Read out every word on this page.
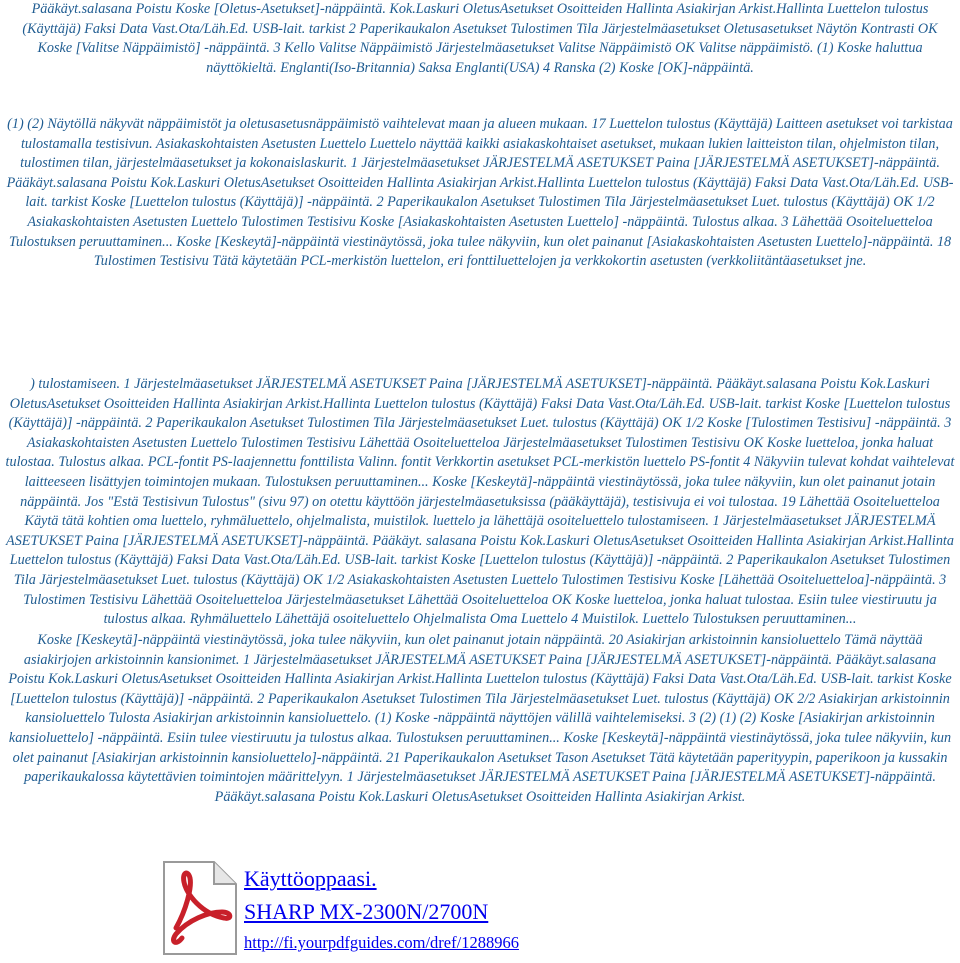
Pääkäyt.salasana Poistu Koske [Oletus-Asetukset]-näppäintä. Kok.Laskuri OletusAsetukset Osoitteiden Hallinta Asiakirjan Arkist.Hallinta Luettelon tulostus (Käyttäjä) Faksi Data Vast.Ota/Läh.Ed. USB-lait. tarkist 2 Paperikaukalon Asetukset Tulostimen Tila Järjestelmäasetukset Oletusasetukset Näytön Kontrasti OK Koske [Valitse Näppäimistö] -näppäintä. 3 Kello Valitse Näppäimistö Järjestelmäasetukset Valitse Näppäimistö OK Valitse näppäimistö. (1) Koske haluttua näyttökieltä. Englanti(Iso-Britannia) Saksa Englanti(USA) 4 Ranska (2) Koske [OK]-näppäintä.

(1) (2) Näytöllä näkyvät näppäimistöt ja oletusasetusnäppäimistö vaihtelevat maan ja alueen mukaan. 17 Luettelon tulostus (Käyttäjä) Laitteen asetukset voi tarkistaa tulostamalla testisivun. Asiakaskohtaisten Asetusten Luettelo Luettelo näyttää kaikki asiakaskohtaiset asetukset, mukaan lukien laitteiston tilan, ohjelmiston tilan, tulostimen tilan, järjestelmäasetukset ja kokonaislaskurit. 1 Järjestelmäasetukset JÄRJESTELMÄ ASETUKSET Paina [JÄRJESTELMÄ ASETUKSET]-näppäintä. Pääkäyt.salasana Poistu Kok.Laskuri OletusAsetukset Osoitteiden Hallinta Asiakirjan Arkist.Hallinta Luettelon tulostus (Käyttäjä) Faksi Data Vast.Ota/Läh.Ed. USB-lait. tarkist Koske [Luettelon tulostus (Käyttäjä)] -näppäintä. 2 Paperikaukalon Asetukset Tulostimen Tila Järjestelmäasetukset Luet. tulostus (Käyttäjä) OK 1/2 Asiakaskohtaisten Asetusten Luettelo Tulostimen Testisivu Koske [Asiakaskohtaisten Asetusten Luettelo] -näppäintä. Tulostus alkaa. 3 Lähettää Osoiteluetteloa Tulostuksen peruuttaminen... Koske [Keskeytä]-näppäintä viestinäytössä, joka tulee näkyviin, kun olet painanut [Asiakaskohtaisten Asetusten Luettelo]-näppäintä. 18 Tulostimen Testisivu Tätä käytetään PCL-merkistön luettelon, eri fonttiluettelojen ja verkkokortin asetusten (verkkoliitäntäasetukset jne.

) tulostamiseen. 1 Järjestelmäasetukset JÄRJESTELMÄ ASETUKSET Paina [JÄRJESTELMÄ ASETUKSET]-näppäintä. Pääkäyt.salasana Poistu Kok.Laskuri OletusAsetukset Osoitteiden Hallinta Asiakirjan Arkist.Hallinta Luettelon tulostus (Käyttäjä) Faksi Data Vast.Ota/Läh.Ed. USB-lait. tarkist Koske [Luettelon tulostus (Käyttäjä)] -näppäintä. 2 Paperikaukalon Asetukset Tulostimen Tila Järjestelmäasetukset Luet. tulostus (Käyttäjä) OK 1/2 Koske [Tulostimen Testisivu] -näppäintä. 3 Asiakaskohtaisten Asetusten Luettelo Tulostimen Testisivu Lähettää Osoiteluetteloa Järjestelmäasetukset Tulostimen Testisivu OK Koske luetteloa, jonka haluat tulostaa. Tulostus alkaa. PCL-fontit PS-laajennettu fonttilista Valinn. fontit Verkkortin asetukset PCL-merkistön luettelo PS-fontit 4 Näkyviin tulevat kohdat vaihtelevat laitteeseen lisättyjen toimintojen mukaan. Tulostuksen peruuttaminen... Koske [Keskeytä]-näppäintä viestinäytössä, joka tulee näkyviin, kun olet painanut jotain näppäintä. Jos "Estä Testisivun Tulostus" (sivu 97) on otettu käyttöön järjestelmäasetuksissa (pääkäyttäjä), testisivuja ei voi tulostaa. 19 Lähettää Osoiteluetteloa Käytä tätä kohtien oma luettelo, ryhmäluettelo, ohjelmalista, muistilok. luettelo ja lähettäjä osoiteluettelo tulostamiseen. 1 Järjestelmäasetukset JÄRJESTELMÄ ASETUKSET Paina [JÄRJESTELMÄ ASETUKSET]-näppäintä. Pääkäyt. salasana Poistu Kok.Laskuri OletusAsetukset Osoitteiden Hallinta Asiakirjan Arkist.Hallinta Luettelon tulostus (Käyttäjä) Faksi Data Vast.Ota/Läh.Ed. USB-lait. tarkist Koske [Luettelon tulostus (Käyttäjä)] -näppäintä. 2 Paperikaukalon Asetukset Tulostimen Tila Järjestelmäasetukset Luet. tulostus (Käyttäjä) OK 1/2 Asiakaskohtaisten Asetusten Luettelo Tulostimen Testisivu Koske [Lähettää Osoiteluetteloa]-näppäintä. 3 Tulostimen Testisivu Lähettää Osoiteluetteloa Järjestelmäasetukset Lähettää Osoiteluetteloa OK Koske luetteloa, jonka haluat tulostaa. Esiin tulee viestiruutu ja tulostus alkaa. Ryhmäluettelo Lähettäjä osoiteluettelo Ohjelmalista Oma Luettelo 4 Muistilok. Luettelo Tulostuksen peruuttaminen...

Koske [Keskeytä]-näppäintä viestinäytössä, joka tulee näkyviin, kun olet painanut jotain näppäintä. 20 Asiakirjan arkistoinnin kansioluettelo Tämä näyttää asiakirjojen arkistoinnin kansionimet. 1 Järjestelmäasetukset JÄRJESTELMÄ ASETUKSET Paina [JÄRJESTELMÄ ASETUKSET]-näppäintä. Pääkäyt.salasana Poistu Kok.Laskuri OletusAsetukset Osoitteiden Hallinta Asiakirjan Arkist.Hallinta Luettelon tulostus (Käyttäjä) Faksi Data Vast.Ota/Läh.Ed. USB-lait. tarkist Koske [Luettelon tulostus (Käyttäjä)] -näppäintä. 2 Paperikaukalon Asetukset Tulostimen Tila Järjestelmäasetukset Luet. tulostus (Käyttäjä) OK 2/2 Asiakirjan arkistoinnin kansioluettelo Tulosta Asiakirjan arkistoinnin kansioluettelo. (1) Koske -näppäintä näyttöjen välillä vaihtelemiseksi. 3 (2) (1) (2) Koske [Asiakirjan arkistoinnin kansioluettelo] -näppäintä. Esiin tulee viestiruutu ja tulostus alkaa. Tulostuksen peruuttaminen... Koske [Keskeytä]-näppäintä viestinäytössä, joka tulee näkyviin, kun olet painanut [Asiakirjan arkistoinnin kansioluettelo]-näppäintä. 21 Paperikaukalon Asetukset Tason Asetukset Tätä käytetään paperityypin, paperikoon ja kussakin paperikaukalossa käytettävien toimintojen määrittelyyn. 1 Järjestelmäasetukset JÄRJESTELMÄ ASETUKSET Paina [JÄRJESTELMÄ ASETUKSET]-näppäintä. Pääkäyt.salasana Poistu Kok.Laskuri OletusAsetukset Osoitteiden Hallinta Asiakirjan Arkist.

Käyttöoppaasi.
SHARP MX-2300N/2700N
http://fi.yourpdfguides.com/dref/1288966
